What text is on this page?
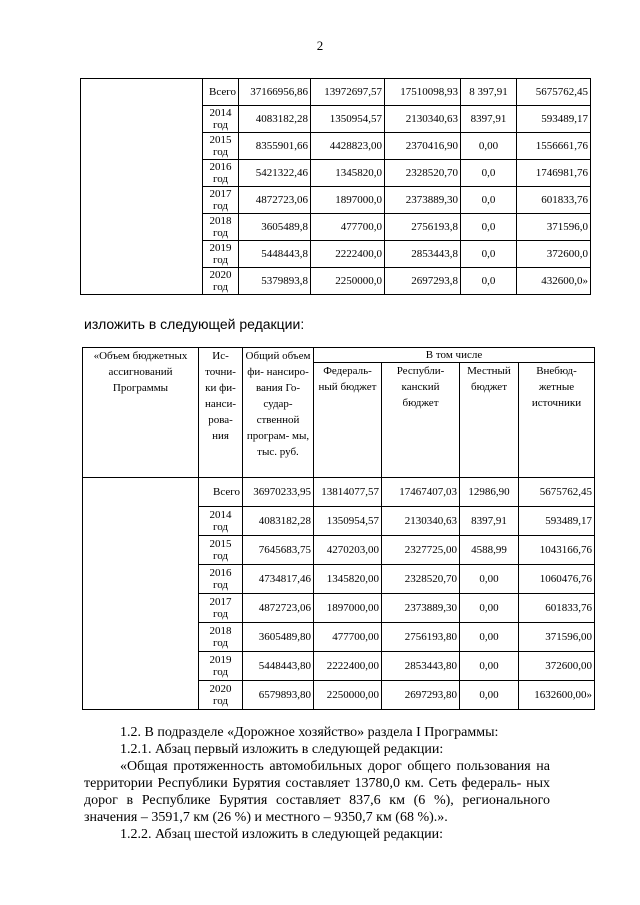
2
	Всего	37166956,86	13972697,57	17510098,93	8 397,91	5675762,45
	2014 год	4083182,28	1350954,57	2130340,63	8397,91	593489,17
	2015 год	8355901,66	4428823,00	2370416,90	0,00	1556661,76
	2016 год	5421322,46	1345820,0	2328520,70	0,0	1746981,76
	2017 год	4872723,06	1897000,0	2373889,30	0,0	601833,76
	2018 год	3605489,8	477700,0	2756193,8	0,0	371596,0
	2019 год	5448443,8	2222400,0	2853443,8	0,0	372600,0
	2020 год	5379893,8	2250000,0	2697293,8	0,0	432600,0»
изложить в следующей редакции:
«Объем бюджетных ассигнований Программы	Ис- точни- ки фи- нанси- рова- ния	Общий объем фи- нансиро- вания Го- судар- ственной програм- мы, тыс. руб.	В том числе			
			Федераль- ный бюджет	Республи- канский бюджет	Местный бюджет	Внебюд- жетные источники
	Всего	36970233,95	13814077,57	17467407,03	12986,90	5675762,45
	2014 год	4083182,28	1350954,57	2130340,63	8397,91	593489,17
	2015 год	7645683,75	4270203,00	2327725,00	4588,99	1043166,76
	2016 год	4734817,46	1345820,00	2328520,70	0,00	1060476,76
	2017 год	4872723,06	1897000,00	2373889,30	0,00	601833,76
	2018 год	3605489,80	477700,00	2756193,80	0,00	371596,00
	2019 год	5448443,80	2222400,00	2853443,80	0,00	372600,00
	2020 год	6579893,80	2250000,00	2697293,80	0,00	1632600,00»
1.2. В подразделе «Дорожное хозяйство» раздела I Программы:
1.2.1. Абзац первый изложить в следующей редакции:
«Общая протяженность автомобильных дорог общего пользования на территории Республики Бурятия составляет 13780,0 км. Сеть федераль- ных дорог в Республике Бурятия составляет 837,6 км (6 %), регионального значения – 3591,7 км (26 %) и местного – 9350,7 км (68 %).».
1.2.2. Абзац шестой изложить в следующей редакции:
